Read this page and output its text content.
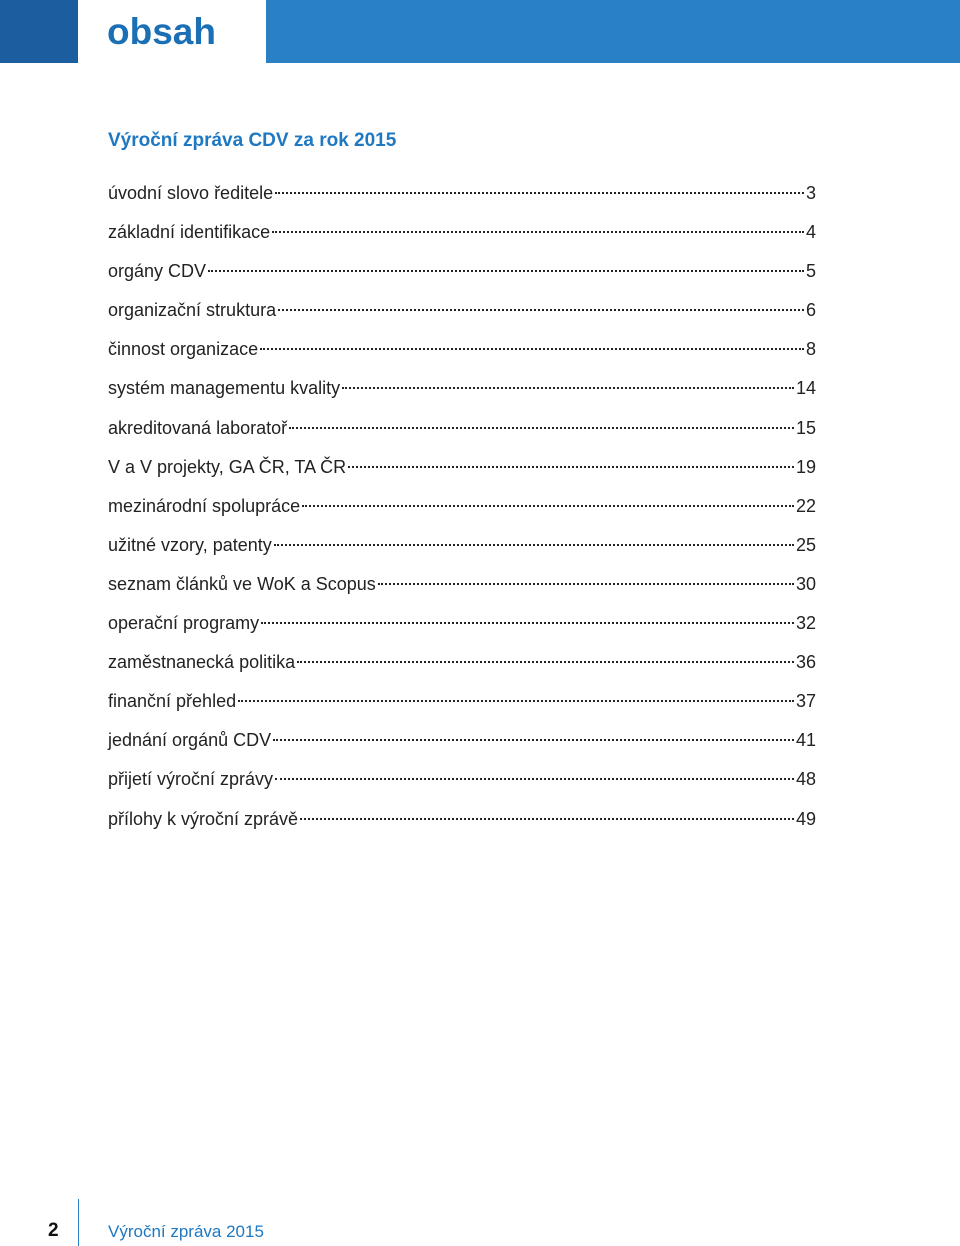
obsah
Výroční zpráva CDV za rok 2015
úvodní slovo ředitele	3
základní identifikace	4
orgány CDV	5
organizační struktura	6
činnost organizace	8
systém managementu kvality	14
akreditovaná laboratoř	15
V a V projekty, GA ČR, TA ČR	19
mezinárodní spolupráce	22
užitné vzory, patenty	25
seznam článků ve WoK a Scopus	30
operační programy	32
zaměstnanecká politika	36
finanční přehled	37
jednání orgánů CDV	41
přijetí výroční zprávy	48
přílohy k výroční zprávě	49
2	Výroční zpráva 2015
